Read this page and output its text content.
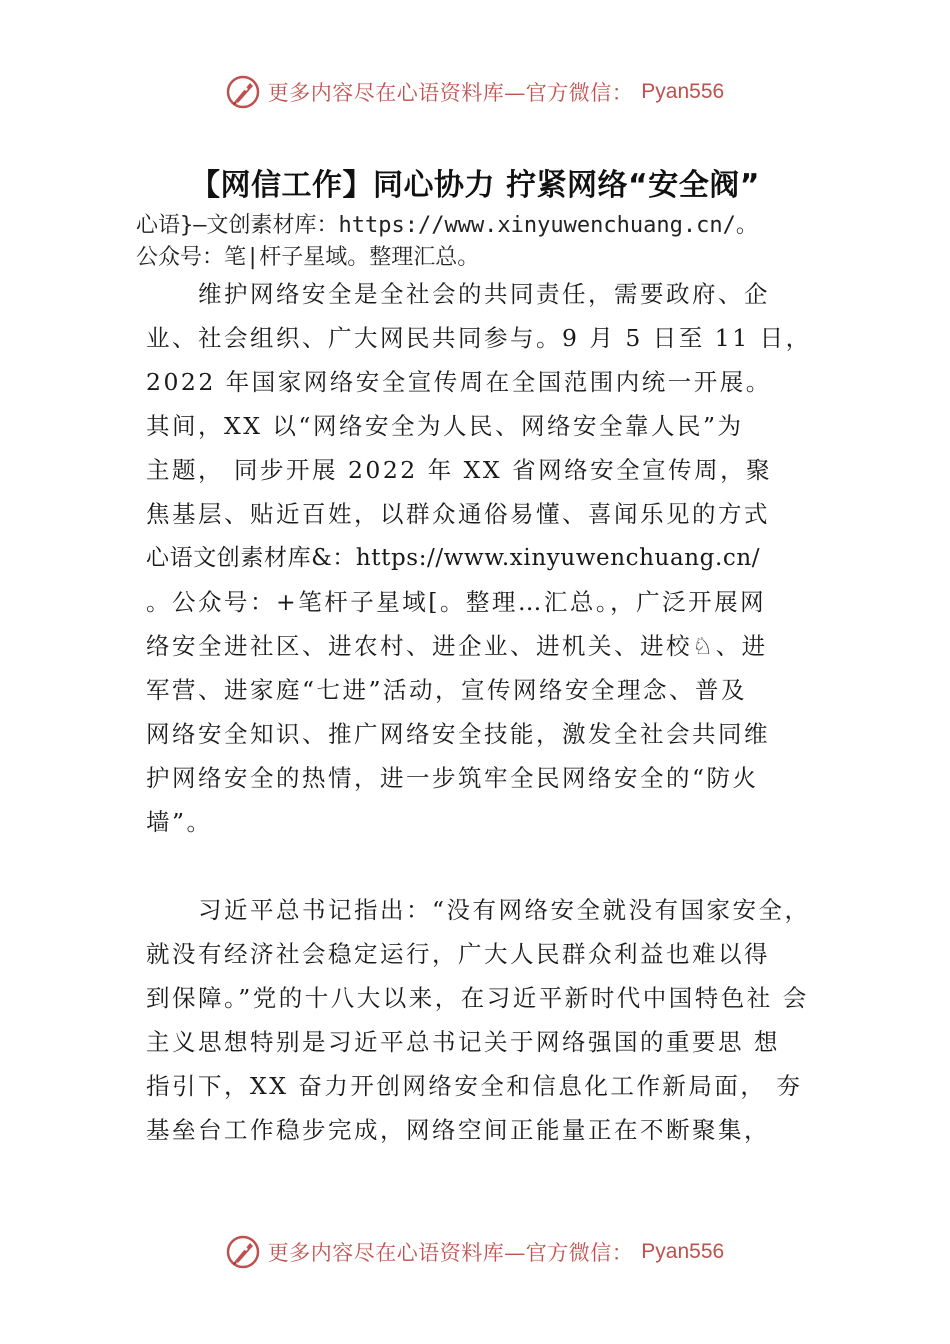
更多内容尽在心语资料库—官方微信： Pyan556
【网信工作】同心协力 拧紧网络“安全阀”
心语}—文创素材库：https://www.xinyuwenchuang.cn/。
公众号：笔|杆子星域。整理汇总。
　　维护网络安全是全社会的共同责任，需要政府、企
业、社会组织、广大网民共同参与。9 月 5 日至 11 日，
2022 年国家网络安全宣传周在全国范围内统一开展。
其间，XX 以“网络安全为人民、网络安全靠人民”为
主题， 同步开展 2022 年 XX 省网络安全宣传周，聚
焦基层、贴近百姓，以群众通俗易懂、喜闻乐见的方式
心语文创素材库&：https://www.xinyuwenchuang.cn/
。公众号：+笔杆子星域[。整理…汇总。，广泛开展网
络安全进社区、进农村、进企业、进机关、进校♘、进
军营、进家庭“七进”活动，宣传网络安全理念、普及
网络安全知识、推广网络安全技能，激发全社会共同维
护网络安全的热情，进一步筑牢全民网络安全的“防火
墙”。
　　习近平总书记指出：“没有网络安全就没有国家安全，
就没有经济社会稳定运行，广大人民群众利益也难以得
到保障。”党的十八大以来，在习近平新时代中国特色社 会
主义思想特别是习近平总书记关于网络强国的重要思 想
指引下，XX 奋力开创网络安全和信息化工作新局面， 夯
基垒台工作稳步完成，网络空间正能量正在不断聚集，
更多内容尽在心语资料库—官方微信： Pyan556
